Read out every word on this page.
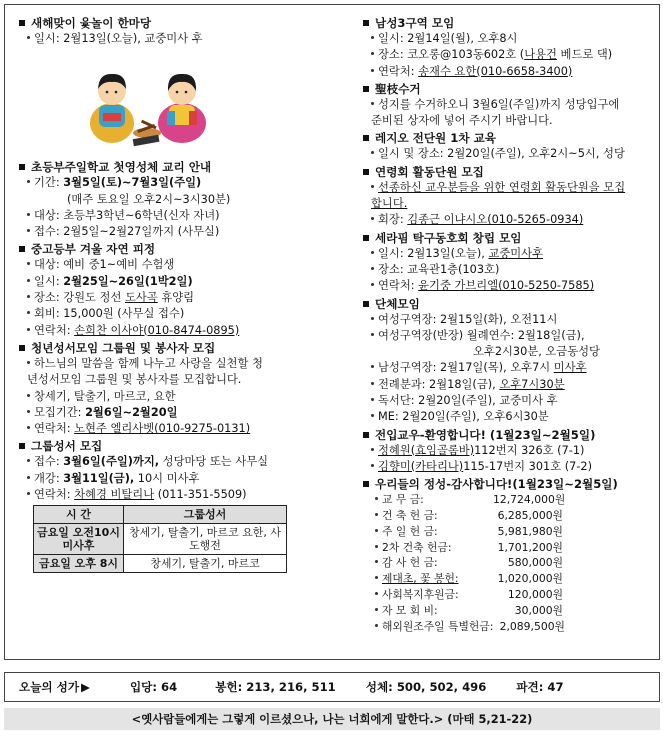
새해맞이 윷놀이 한마당
일시: 2월13일(오늘), 교중미사 후
초등부주일학교 첫영성체 교리 안내
기간: 3월5일(토)~7월3일(주일)
(매주 토요일 오후2시~3시30분)
대상: 초등부3학년~6학년(신자 자녀)
접수: 2월5일~2월27일까지 (사무실)
중고등부 겨울 자연 피정
대상: 예비 중1~예비 수험생
일시: 2월25일~26일(1박2일)
장소: 강원도 정선 도사곡 휴양림
회비: 15,000원 (사무실 접수)
연락처: 손희찬 이사야(010-8474-0895)
청년성서모임 그룹원 및 봉사자 모집
하느님의 말씀을 함께 나누고 사랑을 실천할 청년성서모임 그룹원 및 봉사자를 모집합니다.
창세기, 탈출기, 마르코, 요한
모집기간: 2월6일~2월20일
연락처: 노현주 엘리사벳(010-9275-0131)
그룹성서 모집
접수: 3월6일(주일)까지, 성당마당 또는 사무실
개강: 3월11일(금), 10시 미사후
연락처: 차혜경 비탈리나 (011-351-5509)
시 간	그룹성서
금요일 오전10시 미사후	창세기, 탈출기, 마르코 요한, 사도행전
금요일 오후 8시	창세기, 탈출기, 마르코
남성3구역 모임
일시: 2월14일(월), 오후8시
장소: 코오롱@103동602호 (나용건 베드로 댁)
연락처: 송재수 요한(010-6658-3400)
聖枝수거
성지를 수거하오니 3월6일(주일)까지 성당입구에 준비된 상자에 넣어 주시기 바랍니다.
레지오 전단원 1차 교육
일시 및 장소: 2월20일(주일), 오후2시~5시, 성당
연령회 활동단원 모집
선종하신 교우분들을 위한 연령회 활동단원을 모집합니다.
회장: 김종근 이냐시오(010-5265-0934)
세라핌 탁구동호회 창립 모임
일시: 2월13일(오늘), 교중미사후
장소: 교육관1층(103호)
연락처: 윤기중 가브리엘(010-5250-7585)
단체모임
여성구역장: 2월15일(화), 오전11시
여성구역장(반장) 월례연수: 2월18일(금),
오후2시30분, 오금동성당
남성구역장: 2월17일(목), 오후7시 미사후
전례분과: 2월18일(금), 오후7시30분
독서단: 2월20일(주일), 교중미사 후
ME: 2월20일(주일), 오후6시30분
전입교우-환영합니다! (1월23일~2월5일)
정혜원(효임골롬바)112번지 326호 (7-1)
김향미(카타리나)115-17번지 301호 (7-2)
우리들의 정성-감사합니다!(1월23일~2월5일)
교 무 금:	12,724,000원
건 축 헌 금:	6,285,000원
주 일 헌 금:	5,981,980원
2차 건축 헌금:	1,701,200원
감 사 헌 금:	580,000원
제대초, 꽃 봉헌:	1,020,000원
사회복지후원금:	120,000원
자 모 회 비:	30,000원
해외원조주일 특별헌금: 2,089,500원
오늘의 성가 ▶	입당: 64	봉헌: 213, 216, 511	성체: 500, 502, 496	파견: 47
<옛사람들에게는 그렇게 이르셨으나, 나는 너희에게 말한다.> (마태 5,21-22)
